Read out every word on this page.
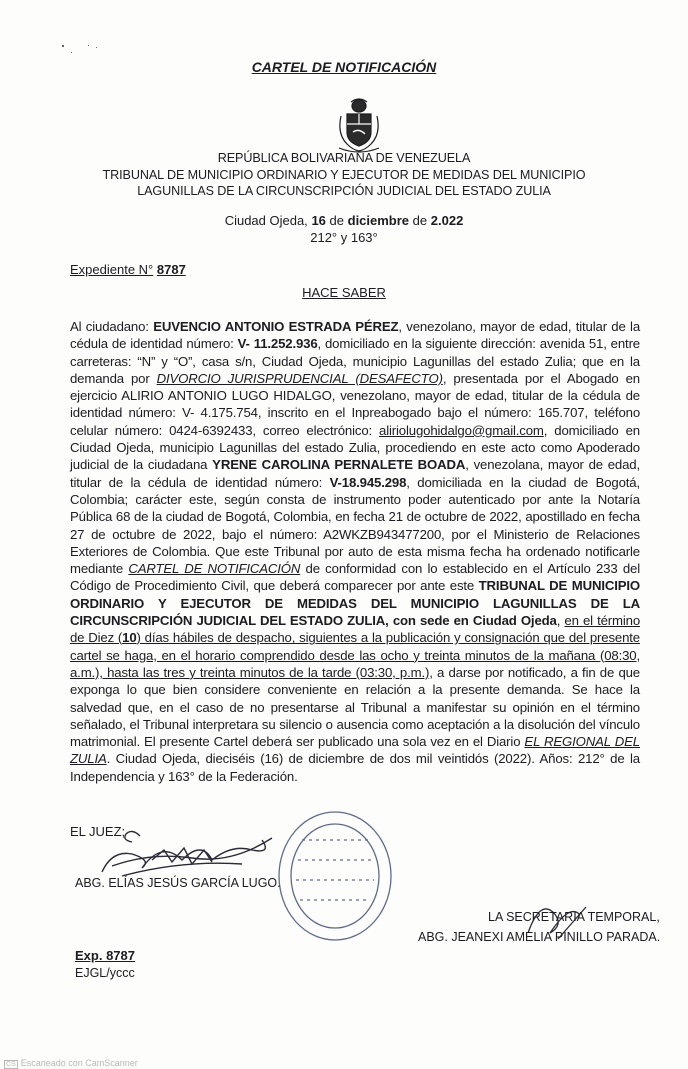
CARTEL DE NOTIFICACIÓN
REPÚBLICA BOLIVARIANA DE VENEZUELA
TRIBUNAL DE MUNICIPIO ORDINARIO Y EJECUTOR DE MEDIDAS DEL MUNICIPIO
LAGUNILLAS DE LA CIRCUNSCRIPCIÓN JUDICIAL DEL ESTADO ZULIA
Ciudad Ojeda, 16 de diciembre de 2.022
212° y 163°
Expediente N° 8787
HACE SABER

Al ciudadano: EUVENCIO ANTONIO ESTRADA PÉREZ, venezolano, mayor de edad, titular de la cédula de identidad número: V- 11.252.936, domiciliado en la siguiente dirección: avenida 51, entre carreteras: “N” y “O”, casa s/n, Ciudad Ojeda, municipio Lagunillas del estado Zulia; que en la demanda por DIVORCIO JURISPRUDENCIAL (DESAFECTO), presentada por el Abogado en ejercicio ALIRIO ANTONIO LUGO HIDALGO, venezolano, mayor de edad, titular de la cédula de identidad número: V- 4.175.754, inscrito en el Inpreabogado bajo el número: 165.707, teléfono celular número: 0424-6392433, correo electrónico: aliriolugohidalgo@gmail.com, domiciliado en Ciudad Ojeda, municipio Lagunillas del estado Zulia, procediendo en este acto como Apoderado judicial de la ciudadana YRENE CAROLINA PERNALETE BOADA, venezolana, mayor de edad, titular de la cédula de identidad número: V-18.945.298, domiciliada en la ciudad de Bogotá, Colombia; carácter este, según consta de instrumento poder autenticado por ante la Notaría Pública 68 de la ciudad de Bogotá, Colombia, en fecha 21 de octubre de 2022, apostillado en fecha 27 de octubre de 2022, bajo el número: A2WKZB943477200, por el Ministerio de Relaciones Exteriores de Colombia. Que este Tribunal por auto de esta misma fecha ha ordenado notificarle mediante CARTEL DE NOTIFICACIÓN de conformidad con lo establecido en el Artículo 233 del Código de Procedimiento Civil, que deberá comparecer por ante este TRIBUNAL DE MUNICIPIO ORDINARIO Y EJECUTOR DE MEDIDAS DEL MUNICIPIO LAGUNILLAS DE LA CIRCUNSCRIPCIÓN JUDICIAL DEL ESTADO ZULIA, con sede en Ciudad Ojeda, en el término de Diez (10) días hábiles de despacho, siguientes a la publicación y consignación que del presente cartel se haga, en el horario comprendido desde las ocho y treinta minutos de la mañana (08:30, a.m.), hasta las tres y treinta minutos de la tarde (03:30, p.m.), a darse por notificado, a fin de que exponga lo que bien considere conveniente en relación a la presente demanda. Se hace la salvedad que, en el caso de no presentarse al Tribunal a manifestar su opinión en el término señalado, el Tribunal interpretara su silencio o ausencia como aceptación a la disolución del vínculo matrimonial. El presente Cartel deberá ser publicado una sola vez en el Diario EL REGIONAL DEL ZULIA. Ciudad Ojeda, dieciséis (16) de diciembre de dos mil veintidós (2022). Años: 212° de la Independencia y 163° de la Federación.

EL JUEZ;
ABG. ELÍAS JESÚS GARCÍA LUGO.
LA SECRETARIA TEMPORAL,
ABG. JEANEXI AMELIA PINILLO PARADA.
Exp. 8787
EJGL/yccc
CS Escaneado con CamScanner
